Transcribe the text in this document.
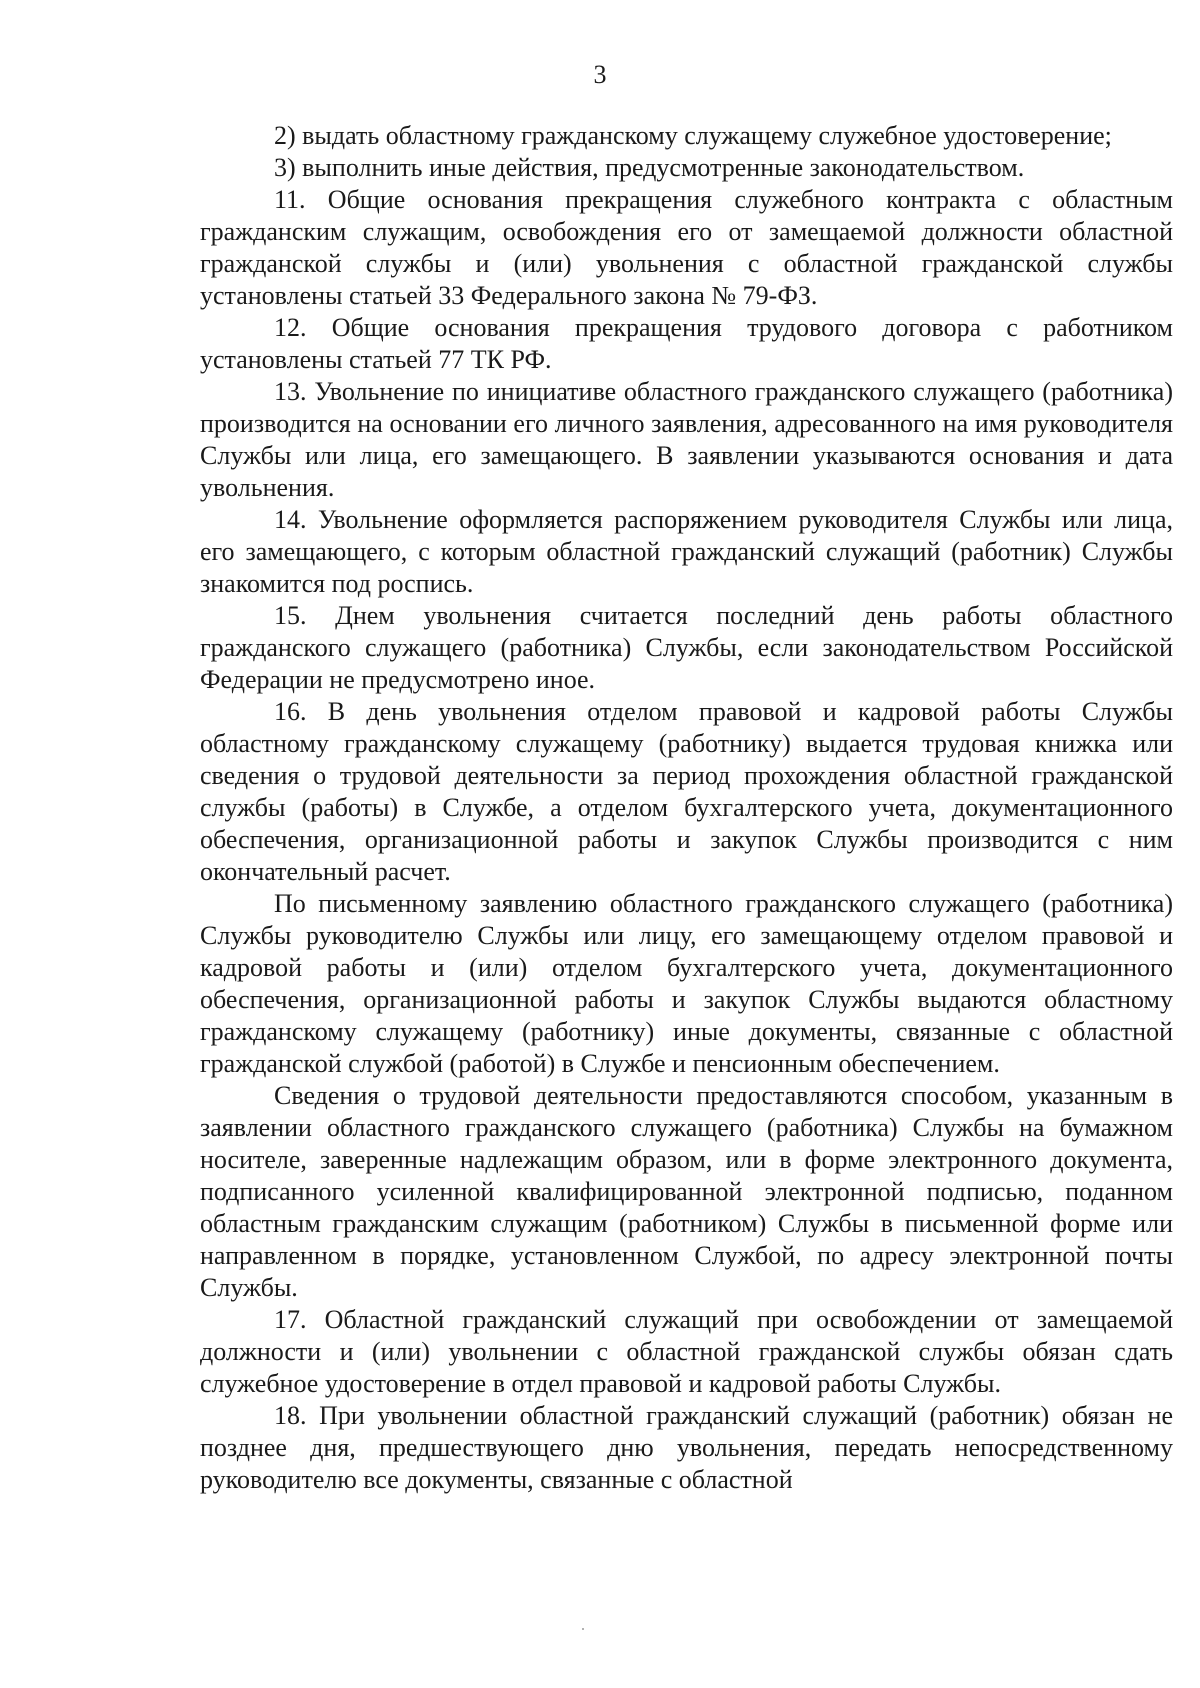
3

2) выдать областному гражданскому служащему служебное удостоверение;

3) выполнить иные действия, предусмотренные законодательством.

11. Общие основания прекращения служебного контракта с областным гражданским служащим, освобождения его от замещаемой должности областной гражданской службы и (или) увольнения с областной гражданской службы установлены статьей 33 Федерального закона № 79-ФЗ.

12. Общие основания прекращения трудового договора с работником установлены статьей 77 ТК РФ.

13. Увольнение по инициативе областного гражданского служащего (работника) производится на основании его личного заявления, адресованного на имя руководителя Службы или лица, его замещающего. В заявлении указываются основания и дата увольнения.

14. Увольнение оформляется распоряжением руководителя Службы или лица, его замещающего, с которым областной гражданский служащий (работник) Службы знакомится под роспись.

15. Днем увольнения считается последний день работы областного гражданского служащего (работника) Службы, если законодательством Российской Федерации не предусмотрено иное.

16. В день увольнения отделом правовой и кадровой работы Службы областному гражданскому служащему (работнику) выдается трудовая книжка или сведения о трудовой деятельности за период прохождения областной гражданской службы (работы) в Службе, а отделом бухгалтерского учета, документационного обеспечения, организационной работы и закупок Службы производится с ним окончательный расчет.

По письменному заявлению областного гражданского служащего (работника) Службы руководителю Службы или лицу, его замещающему отделом правовой и кадровой работы и (или) отделом бухгалтерского учета, документационного обеспечения, организационной работы и закупок Службы выдаются областному гражданскому служащему (работнику) иные документы, связанные с областной гражданской службой (работой) в Службе и пенсионным обеспечением.

Сведения о трудовой деятельности предоставляются способом, указанным в заявлении областного гражданского служащего (работника) Службы на бумажном носителе, заверенные надлежащим образом, или в форме электронного документа, подписанного усиленной квалифицированной электронной подписью, поданном областным гражданским служащим (работником) Службы в письменной форме или направленном в порядке, установленном Службой, по адресу электронной почты Службы.

17. Областной гражданский служащий при освобождении от замещаемой должности и (или) увольнении с областной гражданской службы обязан сдать служебное удостоверение в отдел правовой и кадровой работы Службы.

18. При увольнении областной гражданский служащий (работник) обязан не позднее дня, предшествующего дню увольнения, передать непосредственному руководителю все документы, связанные с областной
